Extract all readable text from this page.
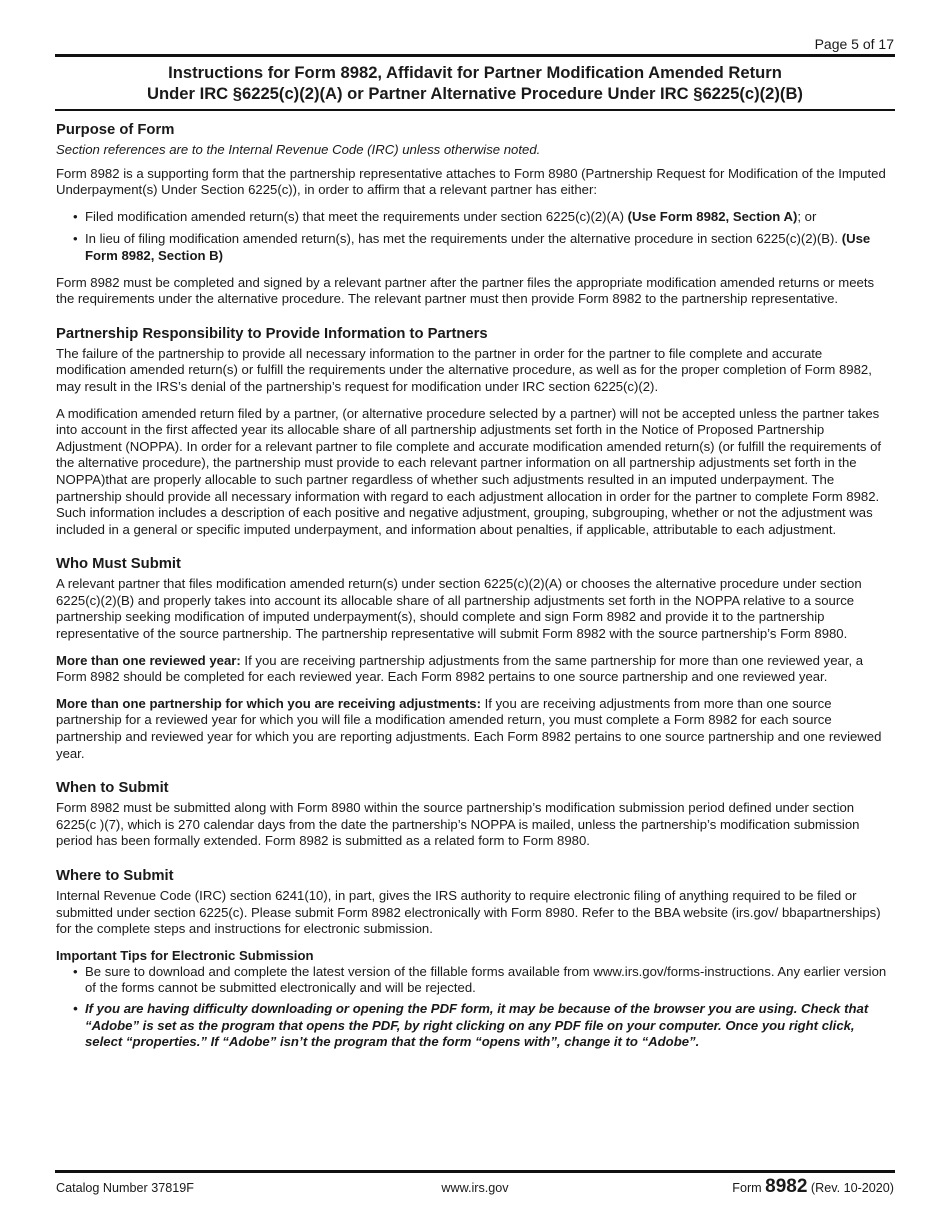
Page 5 of 17
Instructions for Form 8982, Affidavit for Partner Modification Amended Return
Under IRC §6225(c)(2)(A) or Partner Alternative Procedure Under IRC §6225(c)(2)(B)
Purpose of Form

Section references are to the Internal Revenue Code (IRC) unless otherwise noted.

Form 8982 is a supporting form that the partnership representative attaches to Form 8980 (Partnership Request for Modification of the Imputed Underpayment(s) Under Section 6225(c)), in order to affirm that a relevant partner has either:

• Filed modification amended return(s) that meet the requirements under section 6225(c)(2)(A) (Use Form 8982, Section A); or
• In lieu of filing modification amended return(s), has met the requirements under the alternative procedure in section 6225(c)(2)(B). (Use Form 8982, Section B)

Form 8982 must be completed and signed by a relevant partner after the partner files the appropriate modification amended returns or meets the requirements under the alternative procedure. The relevant partner must then provide Form 8982 to the partnership representative.

Partnership Responsibility to Provide Information to Partners

The failure of the partnership to provide all necessary information to the partner in order for the partner to file complete and accurate modification amended return(s) or fulfill the requirements under the alternative procedure, as well as for the proper completion of Form 8982, may result in the IRS’s denial of the partnership’s request for modification under IRC section 6225(c)(2).

A modification amended return filed by a partner, (or alternative procedure selected by a partner) will not be accepted unless the partner takes into account in the first affected year its allocable share of all partnership adjustments set forth in the Notice of Proposed Partnership Adjustment (NOPPA). In order for a relevant partner to file complete and accurate modification amended return(s) (or fulfill the requirements of the alternative procedure), the partnership must provide to each relevant partner information on all partnership adjustments set forth in the NOPPA)that are properly allocable to such partner regardless of whether such adjustments resulted in an imputed underpayment. The partnership should provide all necessary information with regard to each adjustment allocation in order for the partner to complete Form 8982. Such information includes a description of each positive and negative adjustment, grouping, subgrouping, whether or not the adjustment was included in a general or specific imputed underpayment, and information about penalties, if applicable, attributable to each adjustment.

Who Must Submit

A relevant partner that files modification amended return(s) under section 6225(c)(2)(A) or chooses the alternative procedure under section 6225(c)(2)(B) and properly takes into account its allocable share of all partnership adjustments set forth in the NOPPA relative to a source partnership seeking modification of imputed underpayment(s), should complete and sign Form 8982 and provide it to the partnership representative of the source partnership. The partnership representative will submit Form 8982 with the source partnership’s Form 8980.

More than one reviewed year: If you are receiving partnership adjustments from the same partnership for more than one reviewed year, a Form 8982 should be completed for each reviewed year. Each Form 8982 pertains to one source partnership and one reviewed year.

More than one partnership for which you are receiving adjustments: If you are receiving adjustments from more than one source partnership for a reviewed year for which you will file a modification amended return, you must complete a Form 8982 for each source partnership and reviewed year for which you are reporting adjustments. Each Form 8982 pertains to one source partnership and one reviewed year.

When to Submit

Form 8982 must be submitted along with Form 8980 within the source partnership’s modification submission period defined under section 6225(c )(7), which is 270 calendar days from the date the partnership’s NOPPA is mailed, unless the partnership’s modification submission period has been formally extended. Form 8982 is submitted as a related form to Form 8980.

Where to Submit

Internal Revenue Code (IRC) section 6241(10), in part, gives the IRS authority to require electronic filing of anything required to be filed or submitted under section 6225(c). Please submit Form 8982 electronically with Form 8980. Refer to the BBA website (irs.gov/ bbapartnerships) for the complete steps and instructions for electronic submission.

Important Tips for Electronic Submission

• Be sure to download and complete the latest version of the fillable forms available from www.irs.gov/forms-instructions. Any earlier version of the forms cannot be submitted electronically and will be rejected.
• If you are having difficulty downloading or opening the PDF form, it may be because of the browser you are using. Check that “Adobe” is set as the program that opens the PDF, by right clicking on any PDF file on your computer. Once you right click, select “properties.” If “Adobe” isn’t the program that the form “opens with”, change it to “Adobe”.
Catalog Number 37819F	www.irs.gov	Form 8982 (Rev. 10-2020)
